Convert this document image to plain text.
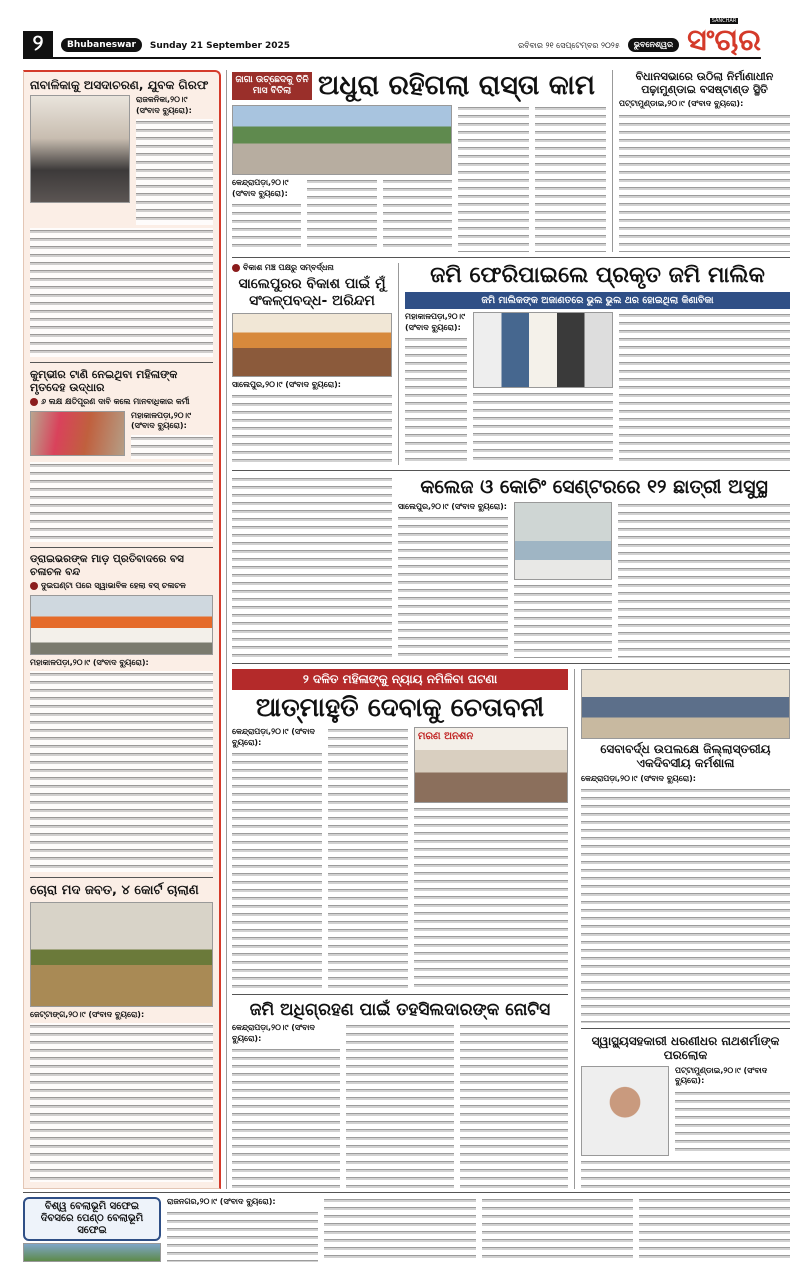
୨	Bhubaneswar	Sunday 21 September 2025	ରବିବାର ୨୧ ସେପ୍ଟେମ୍ବର ୨୦୨୫	ଭୁବନେଶ୍ୱର
SANCHAR
ସଂଚାର
ନାବାଳିକାକୁ ଅସଦାଚରଣ, ଯୁବକ ଗିରଫ
ରାଜକନିକା,୨୦।୯ (ସଂବାଦ ବ୍ୟୁରୋ):
କୁମ୍ଭୀର ଟାଣି ନେଇଥିବା ମହିଳାଙ୍କ ମୃତଦେହ ଉଦ୍ଧାର
୬ ଲକ୍ଷ କ୍ଷତିପୂରଣ ଦାବି କଲେ ମାନବାଧିକାର କର୍ମୀ
ମହାକାଳପଡ଼ା,୨୦।୯ (ସଂବାଦ ବ୍ୟୁରୋ):
ଡ୍ରାଇଭରଙ୍କ ମାଡ଼ ପ୍ରତିବାଦରେ ବସ ଚଳାଚଳ ବନ୍ଦ
ଦୁଇଘଣ୍ଟା ପରେ ସ୍ୱାଭାବିକ ହେଲା ବସ୍ ଚଳାଚଳ
ମହାକାଳପଡ଼ା,୨୦।୯ (ସଂବାଦ ବ୍ୟୁରୋ):
ଚୋରା ମଦ ଜବତ, ୪ କୋର୍ଟ ଚାଲାଣ
ଜେଟ୍ଟାଙ୍ଗ,୨୦।୯ (ସଂବାଦ ବ୍ୟୁରୋ):
ଜାଗା ଉଚ୍ଛେଦକୁ ତିନି ମାସ ବିତିଲା ଅଧୁରା ରହିଗଲା ରାସ୍ତା କାମ
କେନ୍ଦ୍ରାପଡ଼ା,୨୦।୯ (ସଂବାଦ ବ୍ୟୁରୋ):
ବିଧାନସଭାରେ ଉଠିଲା ନିର୍ମାଣାଧୀନ ପଢ଼ାମୁଣ୍ଡାଇ ବସଷ୍ଟାଣ୍ଡ ସ୍ଥିତି
ପଟ୍ଟାମୁଣ୍ଡାଇ,୨୦।୯ (ସଂବାଦ ବ୍ୟୁରୋ):
ବିକାଶ ମଞ୍ଚ ପକ୍ଷରୁ ସମ୍ବର୍ଦ୍ଧନା
ସାଲେପୁରର ବିକାଶ ପାଇଁ ମୁଁ ସଂକଳ୍ପବଦ୍ଧ- ଅରିନ୍ଦମ
ସାଲେପୁର,୨୦।୯ (ସଂବାଦ ବ୍ୟୁରୋ):
ଜମି ଫେରିପାଇଲେ ପ୍ରକୃତ ଜମି ମାଲିକ
ଜମି ମାଲିକଙ୍କ ଅଜାଣତରେ ଭୁଲ ଭୁଲ ଥର ହୋଇଥିଲା କିଣାବିକା
ମହାକାଳପଡ଼ା,୨୦।୯ (ସଂବାଦ ବ୍ୟୁରୋ):
କଲେଜ ଓ କୋଚିଂ ସେଣ୍ଟରରେ ୧୨ ଛାତ୍ରୀ ଅସୁସ୍ଥ
ସାଲେପୁର,୨୦।୯ (ସଂବାଦ ବ୍ୟୁରୋ):
୨ ଦଳିତ ମହିଳାଙ୍କୁ ନ୍ୟାୟ ନମିଳିବା ଘଟଣା
ଆତ୍ମାହୁତି ଦେବାକୁ ଚେତାବନୀ
କେନ୍ଦ୍ରାପଡ଼ା,୨୦।୯ (ସଂବାଦ ବ୍ୟୁରୋ):	ମରଣ ଅନଶନ
ଜମି ଅଧିଗ୍ରହଣ ପାଇଁ ତହସିଲଦାରଙ୍କ ନୋଟିସ
କେନ୍ଦ୍ରାପଡ଼ା,୨୦।୯ (ସଂବାଦ ବ୍ୟୁରୋ):
ସେବାବର୍ଦ୍ଧ ଉପଲକ୍ଷେ ଜିଲ୍ଲାସ୍ତରୀୟ ଏକଦିବସୀୟ କର୍ମଶାଳା
କେନ୍ଦ୍ରାପଡ଼ା,୨୦।୯ (ସଂବାଦ ବ୍ୟୁରୋ):
ସ୍ୱାସ୍ଥ୍ୟସହକାରୀ ଧରଣୀଧର ନାଥଶର୍ମାଙ୍କ ପରଲୋକ
ପଟ୍ଟାମୁଣ୍ଡାଇ,୨୦।୯ (ସଂବାଦ ବ୍ୟୁରୋ):
ବିଶ୍ୱ ବେଲାଭୂମି ସଫେଇ ଦିବସରେ ପେଣ୍ଠ ବେଲାଭୂମି ସଫେଇ
ରାଜନଗର,୨୦।୯ (ସଂବାଦ ବ୍ୟୁରୋ):
